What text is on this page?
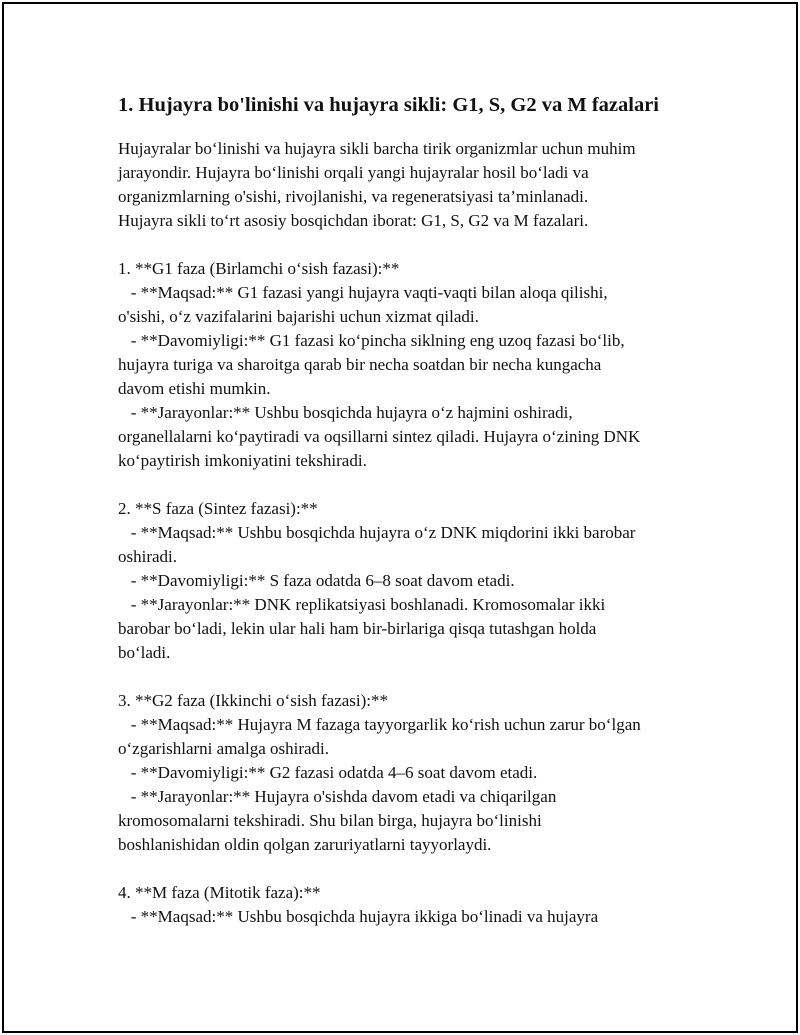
1. Hujayra bo'linishi va hujayra sikli: G1, S, G2 va M fazalari
Hujayralar bo‘linishi va hujayra sikli barcha tirik organizmlar uchun muhim
jarayondir. Hujayra bo‘linishi orqali yangi hujayralar hosil bo‘ladi va
organizmlarning o'sishi, rivojlanishi, va regeneratsiyasi ta’minlanadi.
Hujayra sikli to‘rt asosiy bosqichdan iborat: G1, S, G2 va M fazalari.
1. **G1 faza (Birlamchi o‘sish fazasi):**
- **Maqsad:** G1 fazasi yangi hujayra vaqti-vaqti bilan aloqa qilishi,
o'sishi, o‘z vazifalarini bajarishi uchun xizmat qiladi.
- **Davomiyligi:** G1 fazasi ko‘pincha siklning eng uzoq fazasi bo‘lib,
hujayra turiga va sharoitga qarab bir necha soatdan bir necha kungacha
davom etishi mumkin.
- **Jarayonlar:** Ushbu bosqichda hujayra o‘z hajmini oshiradi,
organellalarni ko‘paytiradi va oqsillarni sintez qiladi. Hujayra o‘zining DNK
ko‘paytirish imkoniyatini tekshiradi.
2. **S faza (Sintez fazasi):**
- **Maqsad:** Ushbu bosqichda hujayra o‘z DNK miqdorini ikki barobar
oshiradi.
- **Davomiyligi:** S faza odatda 6–8 soat davom etadi.
- **Jarayonlar:** DNK replikatsiyasi boshlanadi. Kromosomalar ikki
barobar bo‘ladi, lekin ular hali ham bir-birlariga qisqa tutashgan holda
bo‘ladi.
3. **G2 faza (Ikkinchi o‘sish fazasi):**
- **Maqsad:** Hujayra M fazaga tayyorgarlik ko‘rish uchun zarur bo‘lgan
o‘zgarishlarni amalga oshiradi.
- **Davomiyligi:** G2 fazasi odatda 4–6 soat davom etadi.
- **Jarayonlar:** Hujayra o'sishda davom etadi va chiqarilgan
kromosomalarni tekshiradi. Shu bilan birga, hujayra bo‘linishi
boshlanishidan oldin qolgan zaruriyatlarni tayyorlaydi.
4. **M faza (Mitotik faza):**
- **Maqsad:** Ushbu bosqichda hujayra ikkiga bo‘linadi va hujayra
